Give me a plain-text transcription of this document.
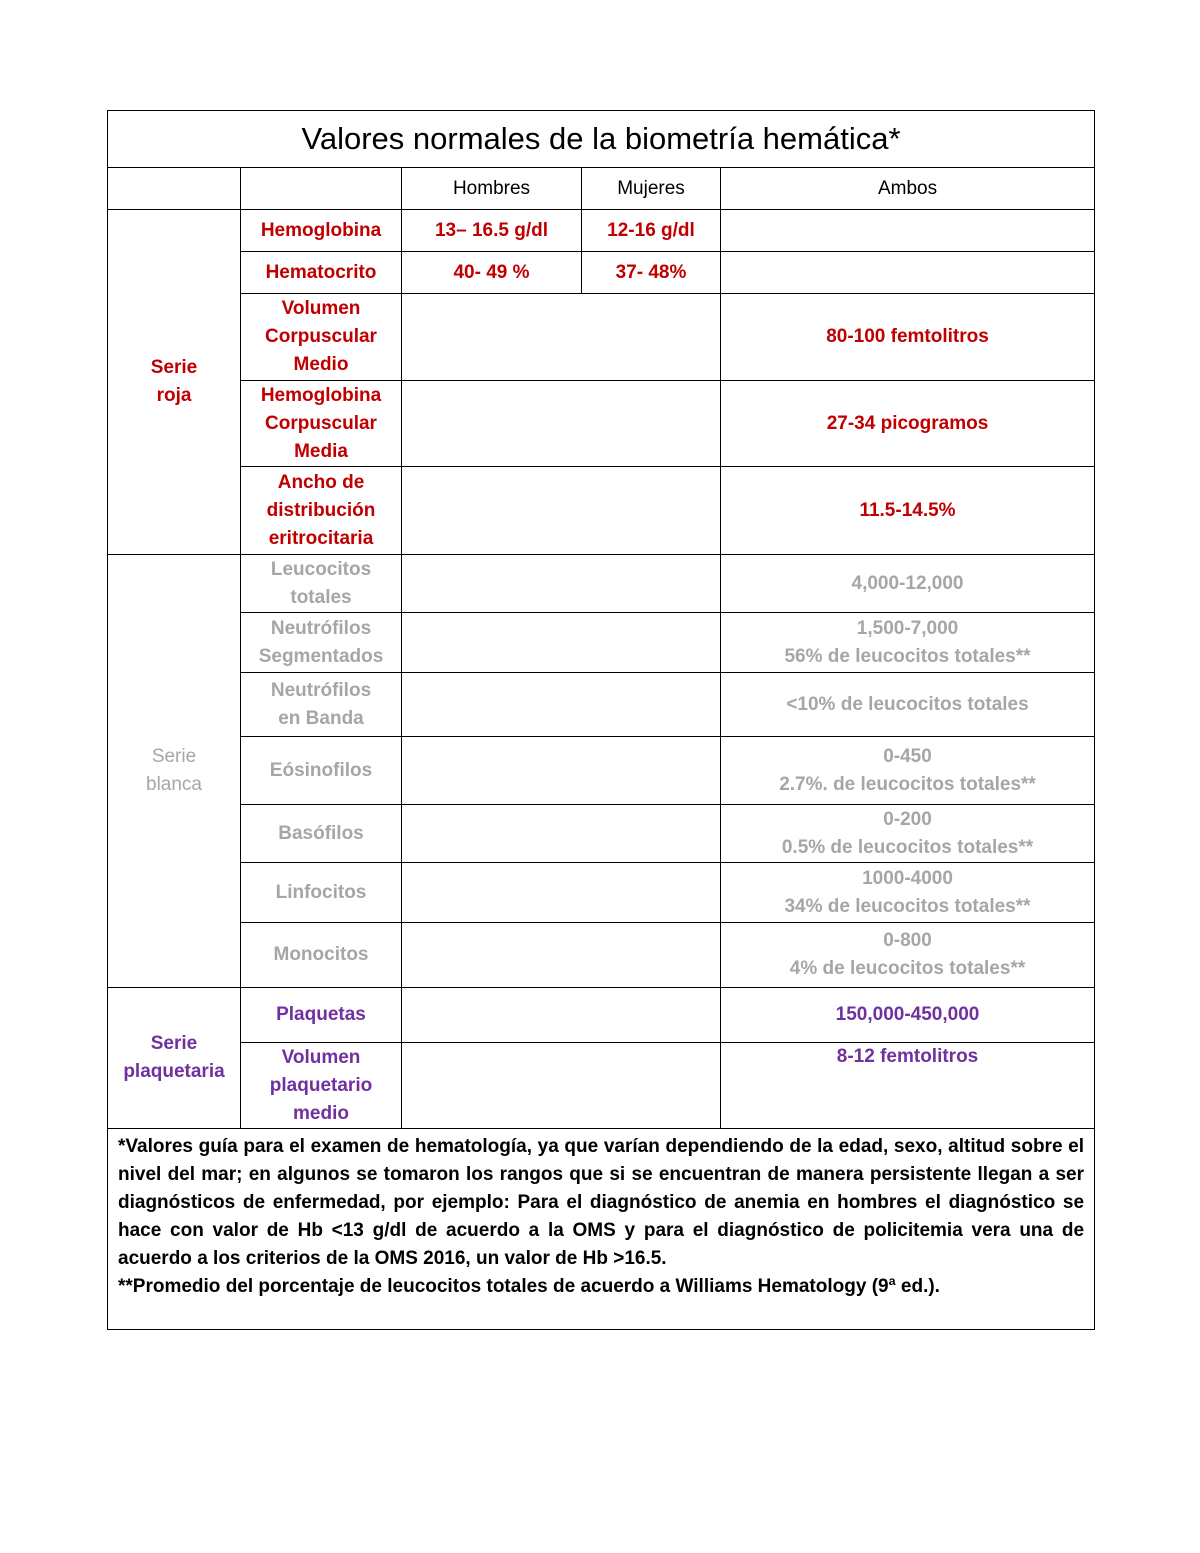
Valores normales de la biometría hemática*				
		Hombres	Mujeres	Ambos
Serie roja	Hemoglobina	13– 16.5 g/dl	12-16 g/dl	
	Hematocrito	40- 49 %	37- 48%	
	Volumen Corpuscular Medio			80-100 femtolitros
	Hemoglobina Corpuscular Media			27-34 picogramos
	Ancho de distribución eritrocitaria			11.5-14.5%
Serie blanca	Leucocitos totales			4,000-12,000
	Neutrófilos Segmentados			1,500-7,000
56% de leucocitos totales**

	Neutrófilos en Banda			<10% de leucocitos totales
	Eósinofilos			0-450
2.7%. de leucocitos totales**

	Basófilos			0-200
0.5% de leucocitos totales**

	Linfocitos			1000-4000
34% de leucocitos totales**

	Monocitos			0-800
4% de leucocitos totales**

Serie plaquetaria	Plaquetas			150,000-450,000
	Volumen plaquetario medio			8-12 femtolitros

*Valores guía para el examen de hematología, ya que varían dependiendo de la edad, sexo, altitud sobre el nivel del mar; en algunos se tomaron los rangos que si se encuentran de manera persistente llegan a ser diagnósticos de enfermedad, por ejemplo: Para el diagnóstico de anemia en hombres el diagnóstico se hace con valor de Hb <13 g/dl de acuerdo a la OMS y para el diagnóstico de policitemia vera una de acuerdo a los criterios de la OMS 2016, un valor de Hb >16.5.
**Promedio del porcentaje de leucocitos totales de acuerdo a Williams Hematology (9ª ed.).				
